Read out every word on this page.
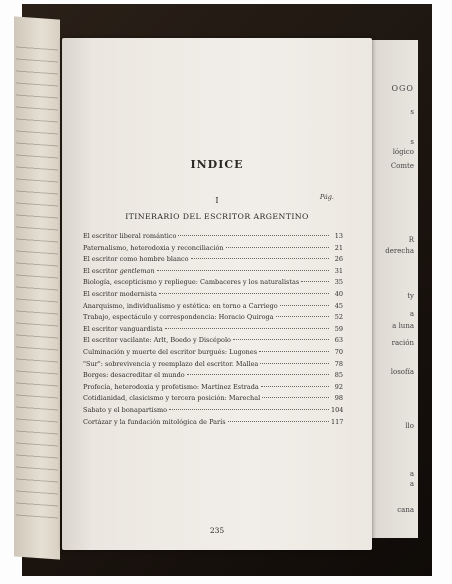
OGO
s
s
lógico
Comte
R
derecha
ty
a
a luna
ración
losofía
llo
a
a
cana
INDICE
Pág.
I
ITINERARIO DEL ESCRITOR ARGENTINO
El escritor liberal romántico	13
Paternalismo, heterodoxia y reconciliación	21
El escritor como hombre blanco	26
El escritor gentleman	31
Biología, escepticismo y repliegue: Cambaceres y los naturalistas	35
El escritor modernista	40
Anarquismo, individualismo y estética: en torno a Carriego	45
Trabajo, espectáculo y correspondencia: Horacio Quiroga	52
El escritor vanguardista	59
El escritor vacilante: Arlt, Boedo y Discépolo	63
Culminación y muerte del escritor burgués: Lugones	70
"Sur": sobrevivencia y reemplazo del escritor. Mallea	78
Borges: desacreditar el mundo	85
Profecía, heterodoxia y profetismo: Martínez Estrada	92
Cotidianidad, clasicismo y tercera posición: Marechal	98
Sabato y el bonapartismo	104
Cortázar y la fundación mitológica de París	117
235
